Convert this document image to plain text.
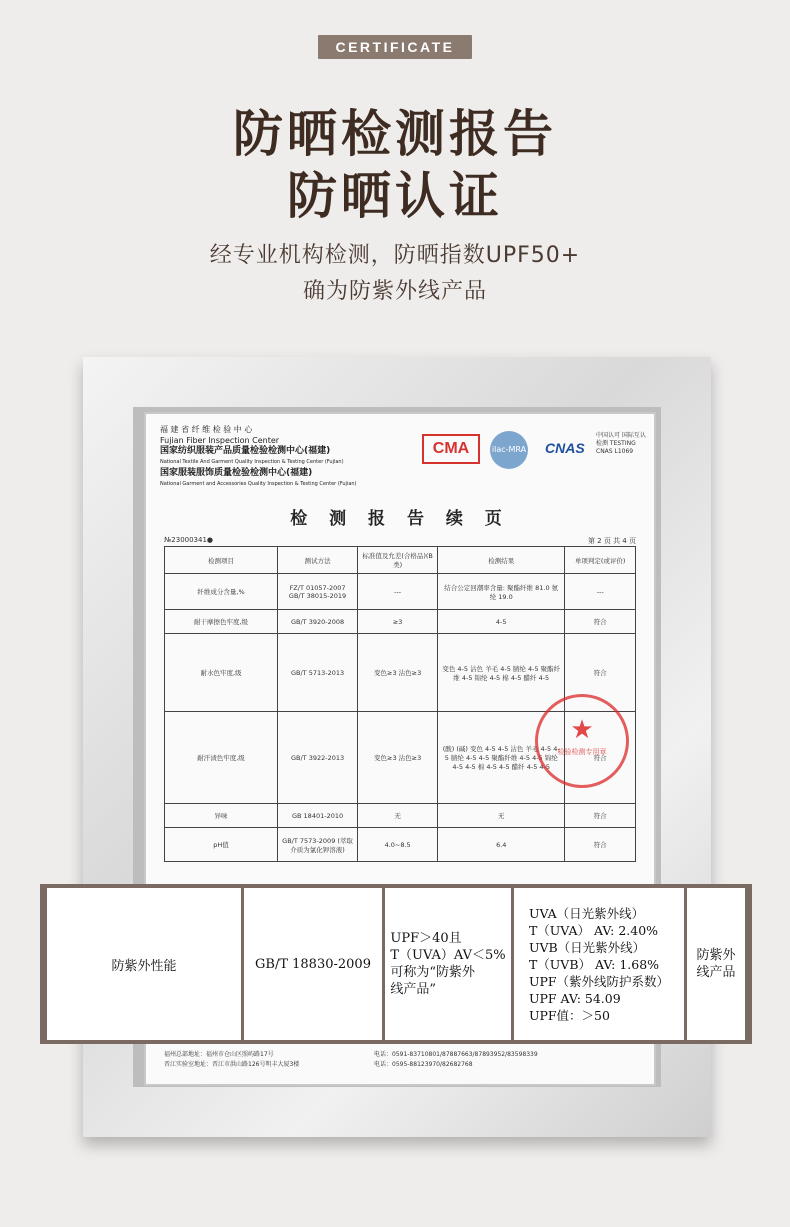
CERTIFICATE
防晒检测报告
防晒认证
经专业机构检测，防晒指数UPF50+
确为防紫外线产品
福 建 省 纤 维 检 验 中 心
Fujian Fiber Inspection Center
国家纺织服装产品质量检验检测中心(福建)
National Textile And Garment Quality Inspection & Testing Center (Fujian)
国家服装服饰质量检验检测中心(福建)
National Garment and Accessories Quality Inspection & Testing Center (Fujian)
CMA	ilac-MRA CNAS
中国认可 国际互认 检测 TESTING CNAS L1069
检 测 报 告 续 页
№23000341●	第 2 页 共 4 页
检测项目	测试方法	标准值及允差(合格品)(B类)	检测结果	单项判定(或评价)
纤维成分含量,%	FZ/T 01057-2007 GB/T 38015-2019	---	结合公定回潮率含量: 聚酯纤维 81.0 氨纶 19.0	---
耐干摩擦色牢度,级	GB/T 3920-2008	≥3	4-5	符合
耐水色牢度,级	GB/T 5713-2013	变色≥3 沾色≥3	变色 4-5 沾色 羊毛 4-5 腈纶 4-5 聚酯纤维 4-5 锦纶 4-5 棉 4-5 醋纤 4-5	符合
耐汗渍色牢度,级	GB/T 3922-2013	变色≥3 沾色≥3	(酸) (碱) 变色 4-5 4-5 沾色 羊毛 4-5 4-5 腈纶 4-5 4-5 聚酯纤维 4-5 4-5 锦纶 4-5 4-5 棉 4-5 4-5 醋纤 4-5 4-5	符合
异味	GB 18401-2010	无	无	符合
pH值	GB/T 7573-2009 (萃取介质为氯化钾溶液)	4.0~8.5	6.4	符合
★
检验检测专用章
福州总部地址：福州市仓山区照屿路17号
晋江实验室地址：晋江市洪山路126号明丰大厦3楼
电话：0591-83710801/87887663/87893952/83598339
电话：0595-88123970/82682768
防紫外性能	GB/T 18830-2009	UPF＞40且
T（UVA）AV＜5%
可称为“防紫外
线产品”	UVA（日光紫外线）
T（UVA） AV: 2.40%
UVB（日光紫外线）
T（UVB） AV: 1.68%
UPF（紫外线防护系数）
UPF AV: 54.09
UPF值：＞50	防紫外线产品
